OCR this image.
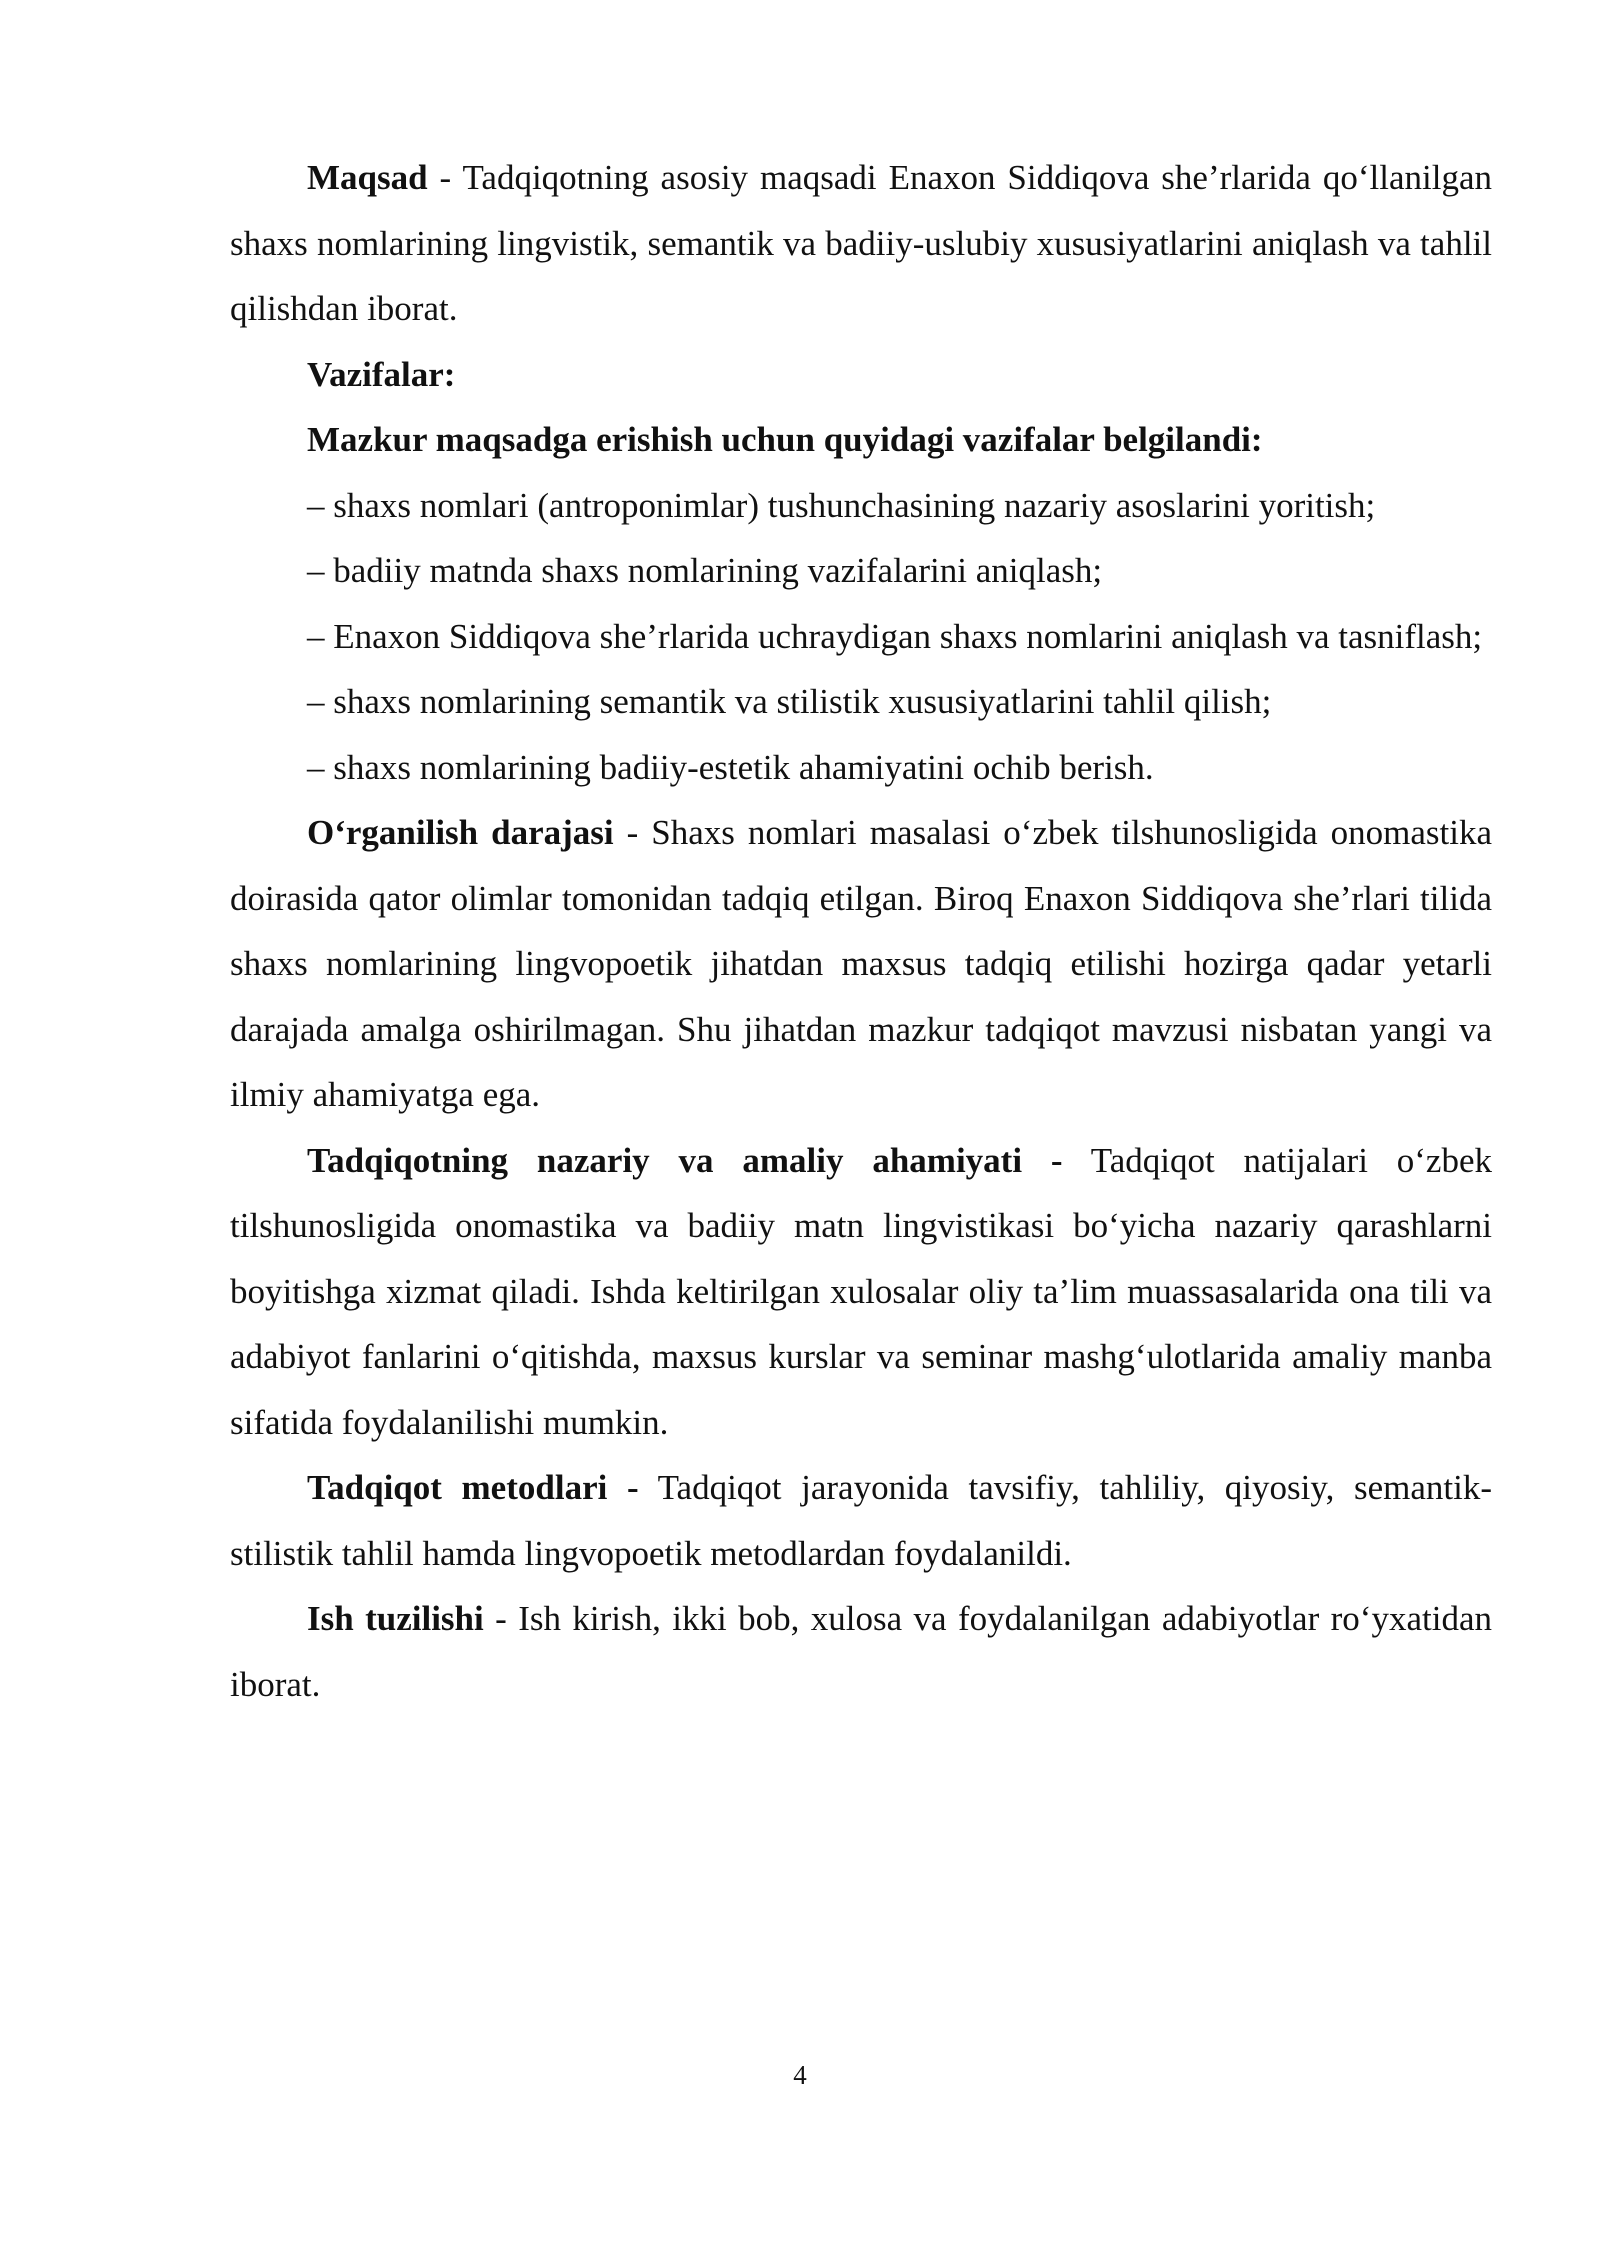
Maqsad - Tadqiqotning asosiy maqsadi Enaxon Siddiqova she’rlarida qo‘llanilgan shaxs nomlarining lingvistik, semantik va badiiy-uslubiy xususiyatlarini aniqlash va tahlil qilishdan iborat.

Vazifalar:

Mazkur maqsadga erishish uchun quyidagi vazifalar belgilandi:

– shaxs nomlari (antroponimlar) tushunchasining nazariy asoslarini yoritish;

– badiiy matnda shaxs nomlarining vazifalarini aniqlash;

– Enaxon Siddiqova she’rlarida uchraydigan shaxs nomlarini aniqlash va tasniflash;

– shaxs nomlarining semantik va stilistik xususiyatlarini tahlil qilish;

– shaxs nomlarining badiiy-estetik ahamiyatini ochib berish.

O‘rganilish darajasi - Shaxs nomlari masalasi o‘zbek tilshunosligida onomastika doirasida qator olimlar tomonidan tadqiq etilgan. Biroq Enaxon Siddiqova she’rlari tilida shaxs nomlarining lingvopoetik jihatdan maxsus tadqiq etilishi hozirga qadar yetarli darajada amalga oshirilmagan. Shu jihatdan mazkur tadqiqot mavzusi nisbatan yangi va ilmiy ahamiyatga ega.

Tadqiqotning nazariy va amaliy ahamiyati - Tadqiqot natijalari o‘zbek tilshunosligida onomastika va badiiy matn lingvistikasi bo‘yicha nazariy qarashlarni boyitishga xizmat qiladi. Ishda keltirilgan xulosalar oliy ta’lim muassasalarida ona tili va adabiyot fanlarini o‘qitishda, maxsus kurslar va seminar mashg‘ulotlarida amaliy manba sifatida foydalanilishi mumkin.

Tadqiqot metodlari - Tadqiqot jarayonida tavsifiy, tahliliy, qiyosiy, semantik-stilistik tahlil hamda lingvopoetik metodlardan foydalanildi.

Ish tuzilishi - Ish kirish, ikki bob, xulosa va foydalanilgan adabiyotlar ro‘yxatidan iborat.

4
